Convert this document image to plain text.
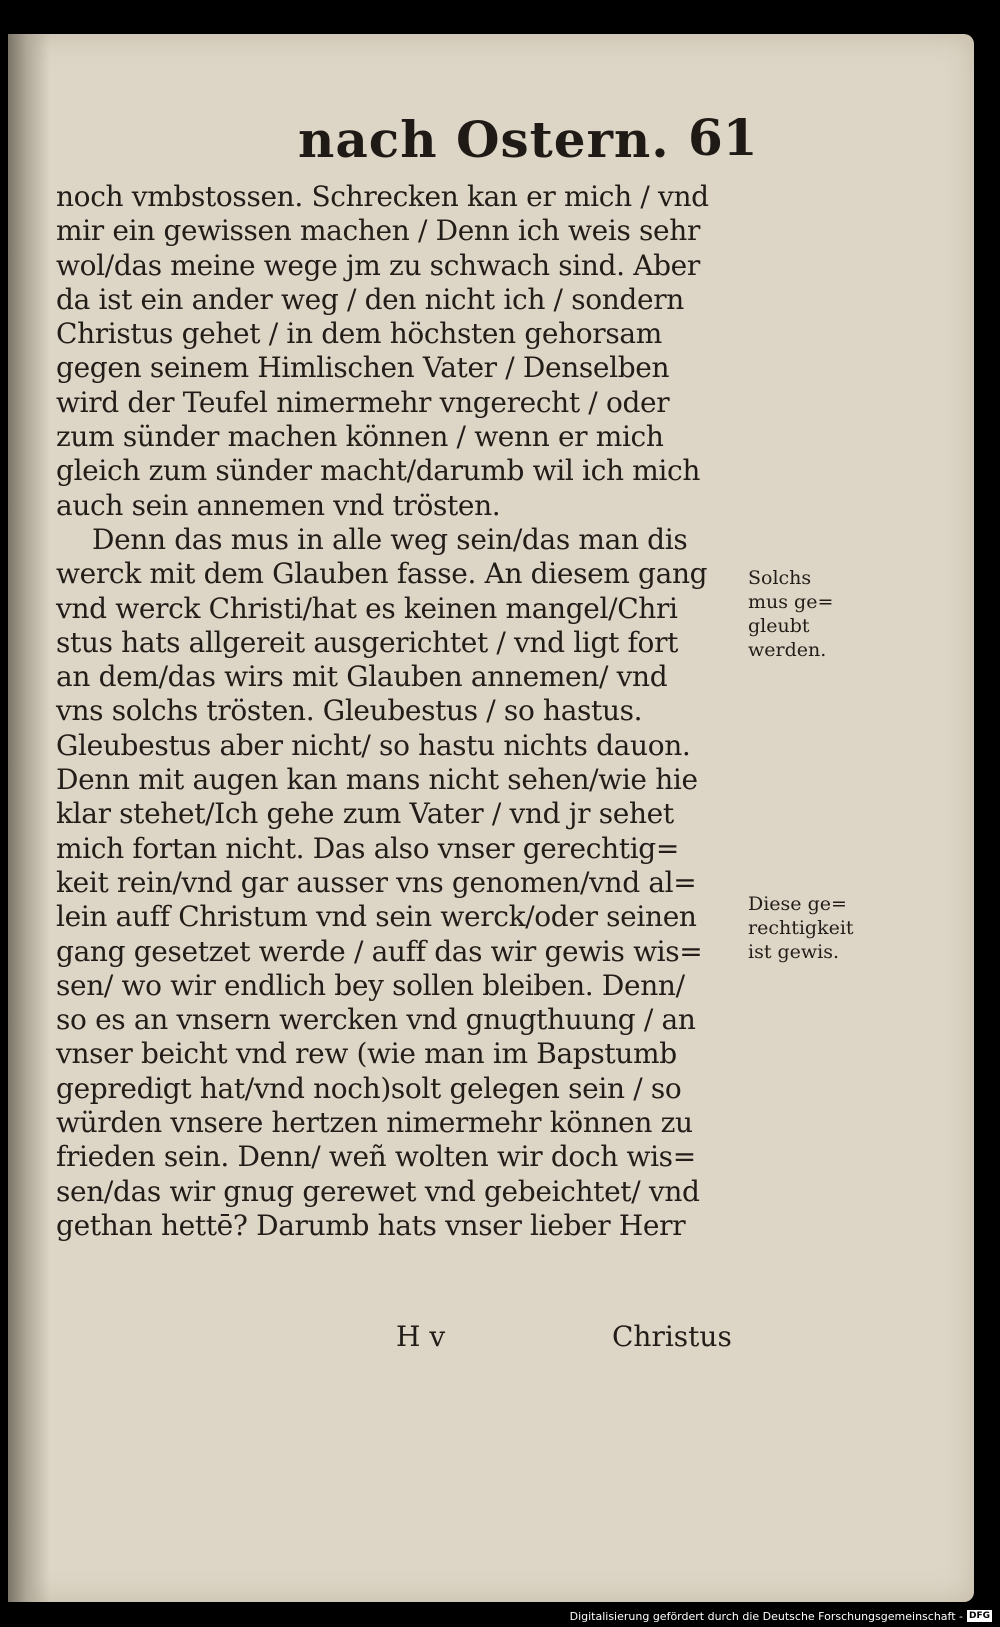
nach Ostern. 61
noch vmbstossen. Schrecken kan er mich / vnd
mir ein gewissen machen / Denn ich weis sehr
wol/das meine wege jm zu schwach sind. Aber
da ist ein ander weg / den nicht ich / sondern
Christus gehet / in dem höchsten gehorsam
gegen seinem Himlischen Vater / Denselben
wird der Teufel nimermehr vngerecht / oder
zum sünder machen können / wenn er mich
gleich zum sünder macht/darumb wil ich mich
auch sein annemen vnd trösten.
Denn das mus in alle weg sein/das man dis
werck mit dem Glauben fasse. An diesem gang
vnd werck Christi/hat es keinen mangel/Chri
stus hats allgereit ausgerichtet / vnd ligt fort
an dem/das wirs mit Glauben annemen/ vnd
vns solchs trösten. Gleubestus / so hastus.
Gleubestus aber nicht/ so hastu nichts dauon.
Denn mit augen kan mans nicht sehen/wie hie
klar stehet/Ich gehe zum Vater / vnd jr sehet
mich fortan nicht. Das also vnser gerechtig=
keit rein/vnd gar ausser vns genomen/vnd al=
lein auff Christum vnd sein werck/oder seinen
gang gesetzet werde / auff das wir gewis wis=
sen/ wo wir endlich bey sollen bleiben. Denn/
so es an vnsern wercken vnd gnugthuung / an
vnser beicht vnd rew (wie man im Bapstumb
gepredigt hat/vnd noch)solt gelegen sein / so
würden vnsere hertzen nimermehr können zu
frieden sein. Denn/ weñ wolten wir doch wis=
sen/das wir gnug gerewet vnd gebeichtet/ vnd
gethan hettē? Darumb hats vnser lieber Herr
H v	Christus
Solchs
mus ge=
gleubt
werden.
Diese ge=
rechtigkeit
ist gewis.
Digitalisierung gefördert durch die Deutsche Forschungsgemeinschaft - DFG
